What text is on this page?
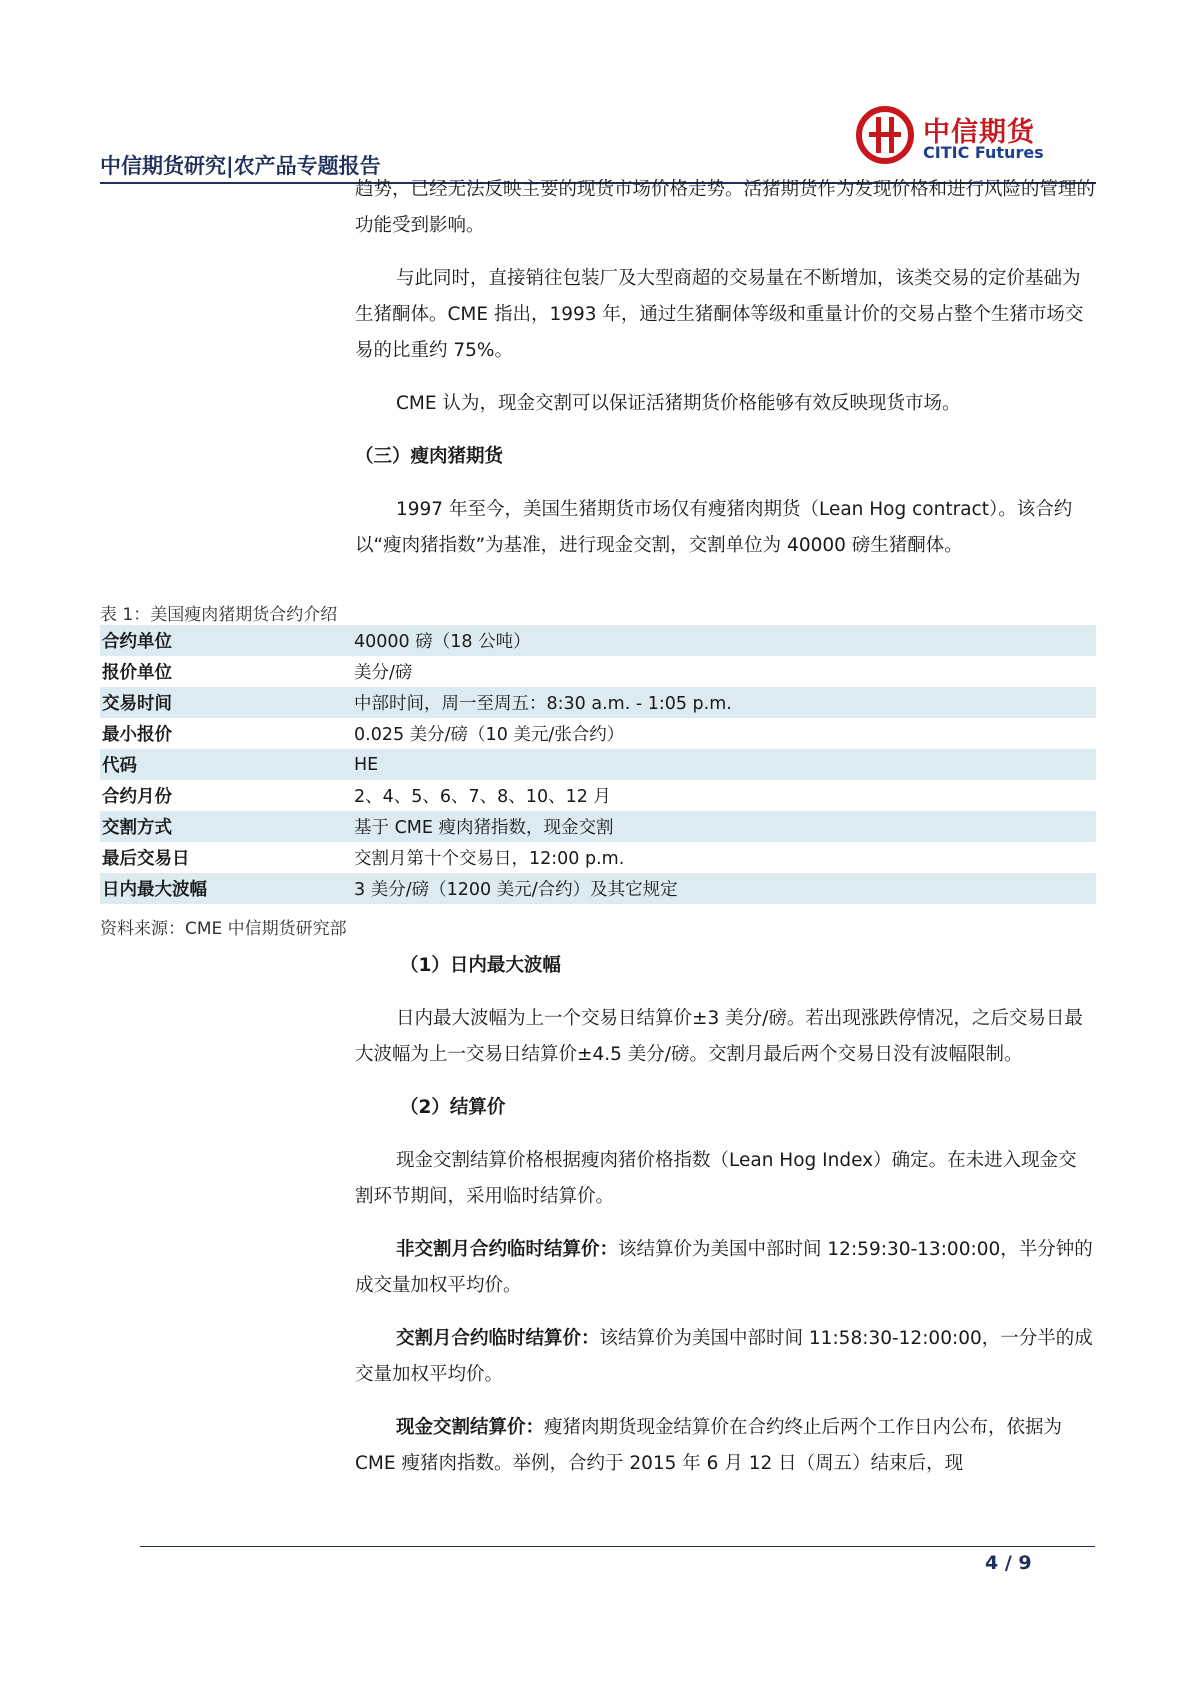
中信期货
CITIC Futures
中信期货研究|农产品专题报告

趋势，已经无法反映主要的现货市场价格走势。活猪期货作为发现价格和进行风险的管理的功能受到影响。

与此同时，直接销往包装厂及大型商超的交易量在不断增加，该类交易的定价基础为生猪酮体。CME 指出，1993 年，通过生猪酮体等级和重量计价的交易占整个生猪市场交易的比重约 75%。

CME 认为，现金交割可以保证活猪期货价格能够有效反映现货市场。

（三）瘦肉猪期货

1997 年至今，美国生猪期货市场仅有瘦猪肉期货（Lean Hog contract）。该合约以“瘦肉猪指数”为基准，进行现金交割，交割单位为 40000 磅生猪酮体。

表 1：美国瘦肉猪期货合约介绍
合约单位	40000 磅（18 公吨）
报价单位	美分/磅
交易时间	中部时间，周一至周五：8:30 a.m. - 1:05 p.m.
最小报价	0.025 美分/磅（10 美元/张合约）
代码	HE
合约月份	2、4、5、6、7、8、10、12 月
交割方式	基于 CME 瘦肉猪指数，现金交割
最后交易日	交割月第十个交易日，12:00 p.m.
日内最大波幅	3 美分/磅（1200 美元/合约）及其它规定
资料来源：CME 中信期货研究部

（1）日内最大波幅

日内最大波幅为上一个交易日结算价±3 美分/磅。若出现涨跌停情况，之后交易日最大波幅为上一交易日结算价±4.5 美分/磅。交割月最后两个交易日没有波幅限制。

（2）结算价

现金交割结算价格根据瘦肉猪价格指数（Lean Hog Index）确定。在未进入现金交割环节期间，采用临时结算价。

非交割月合约临时结算价：该结算价为美国中部时间 12:59:30-13:00:00，半分钟的成交量加权平均价。

交割月合约临时结算价：该结算价为美国中部时间 11:58:30-12:00:00，一分半的成交量加权平均价。

现金交割结算价：瘦猪肉期货现金结算价在合约终止后两个工作日内公布，依据为 CME 瘦猪肉指数。举例，合约于 2015 年 6 月 12 日（周五）结束后，现

4 / 9
